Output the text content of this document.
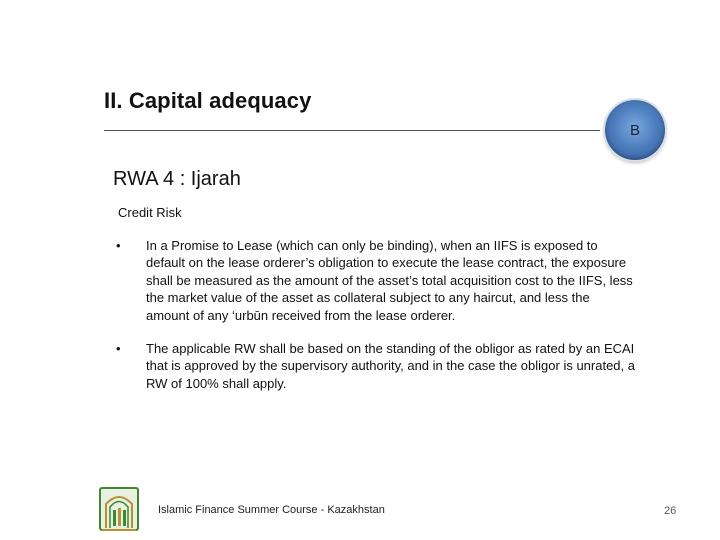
II. Capital adequacy
B
RWA 4 : Ijarah
Credit Risk
• In a Promise to Lease (which can only be binding), when an IIFS is exposed to default on the lease orderer’s obligation to execute the lease contract, the exposure shall be measured as the amount of the asset’s total acquisition cost to the IIFS, less the market value of the asset as collateral subject to any haircut, and less the amount of any ‘urbūn received from the lease orderer.
• The applicable RW shall be based on the standing of the obligor as rated by an ECAI that is approved by the supervisory authority, and in the case the obligor is unrated, a RW of 100% shall apply.
......
Islamic Finance Summer Course - Kazakhstan	26
